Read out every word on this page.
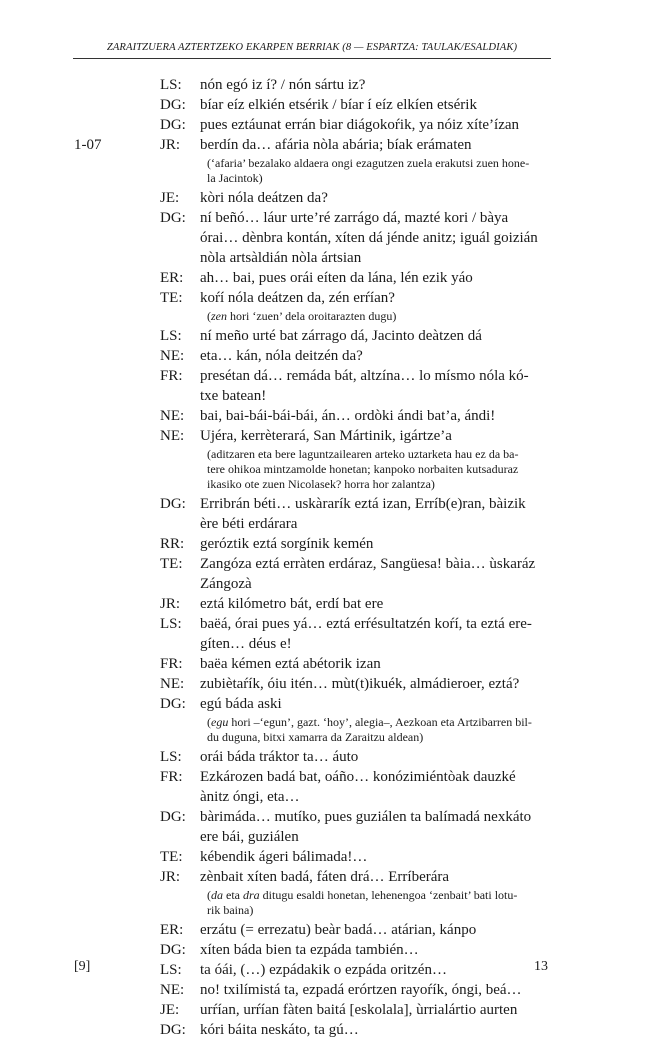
ZARAITZUERA AZTERTZEKO EKARPEN BERRIAK (8 — ESPARTZA: TAULAK/ESALDIAK)
LS: nón egó iz í? / nón sártu iz?
DG: bíar eíz elkién etsérik / bíar í eíz elkíen etsérik
DG: pues eztáunat errán biar diágokoŕik, ya nóiz xíte’ízan
1-07	JR: berdín da… afária nòla abária; bíak erámaten
(‘afaria’ bezalako aldaera ongi ezagutzen zuela erakutsi zuen hone-
la Jacintok)
JE: kòri nóla deátzen da?
DG: ní beñó… láur urte’ré zarrágo dá, mazté kori / bàya
órai… dènbra kontán, xíten dá jénde anitz; iguál goizián
nòla artsàldián nòla ártsian
ER: ah… bai, pues orái eíten da lána, lén ezik yáo
TE: koŕí nóla deátzen da, zén erŕían?
(zen hori ‘zuen’ dela oroitarazten dugu)
LS: ní meño urté bat zárrago dá, Jacinto deàtzen dá
NE: eta… kán, nóla deitzén da?
FR: presétan dá… remáda bát, altzína… lo mísmo nóla kó-
txe batean!
NE: bai, bai-bái-bái-bái, án… ordòki ándi bat’a, ándi!
NE: Ujéra, kerrèterará, San Mártinik, igártze’a
(aditzaren eta bere laguntzailearen arteko uztarketa hau ez da ba-
tere ohikoa mintzamolde honetan; kanpoko norbaiten kutsaduraz
ikasiko ote zuen Nicolasek? horra hor zalantza)
DG: Erribrán béti… uskàrarík eztá izan, Erríb(e)ran, bàizik
ère béti erdárara
RR: geróztik eztá sorgínik kemén
TE: Zangóza eztá erràten erdáraz, Sangüesa! bàia… ùskaráz
Zángozà
JR: eztá kilómetro bát, erdí bat ere
LS: baëá, órai pues yá… eztá erŕésultatzén koŕí, ta eztá ere-
gíten… déus e!
FR: baëa kémen eztá abétorik izan
NE: zubiètaŕík, óiu itén… mùt(t)ikuék, almádieroer, eztá?
DG: egú báda aski
(egu hori –‘egun’, gazt. ‘hoy’, alegia–, Aezkoan eta Artzibarren bil-
du duguna, bitxi xamarra da Zaraitzu aldean)
LS: orái báda tráktor ta… áuto
FR: Ezkározen badá bat, oáño… konózimiéntòak dauzké
ànitz óngi, eta…
DG: bàrimáda… mutíko, pues guziálen ta balímadá nexkáto
ere bái, guziálen
TE: kébendik ágeri bálimada!…
JR: zènbait xíten badá, fáten drá… Erríberára
(da eta dra ditugu esaldi honetan, lehenengoa ‘zenbait’ bati lotu-
rik baina)
ER: erzátu (= errezatu) beàr badá… atárian, kánpo
DG: xíten báda bien ta ezpáda también…
LS: ta óái, (…) ezpádakik o ezpáda oritzén…
NE: no! txilímistá ta, ezpadá erórtzen rayoŕík, óngi, beá…
JE: urŕían, urŕían fàten baitá [eskolala], ùrrialártio aurten
DG: kóri báita neskáto, ta gú…
[9]	13
